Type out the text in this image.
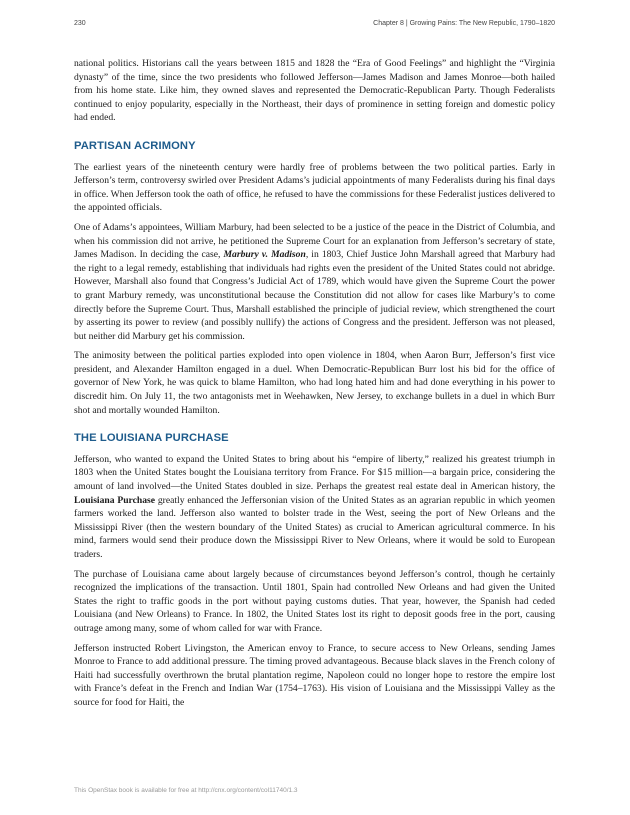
230	Chapter 8 | Growing Pains: The New Republic, 1790–1820

national politics. Historians call the years between 1815 and 1828 the “Era of Good Feelings” and highlight the “Virginia dynasty” of the time, since the two presidents who followed Jefferson—James Madison and James Monroe—both hailed from his home state. Like him, they owned slaves and represented the Democratic-Republican Party. Though Federalists continued to enjoy popularity, especially in the Northeast, their days of prominence in setting foreign and domestic policy had ended.

PARTISAN ACRIMONY

The earliest years of the nineteenth century were hardly free of problems between the two political parties. Early in Jefferson’s term, controversy swirled over President Adams’s judicial appointments of many Federalists during his final days in office. When Jefferson took the oath of office, he refused to have the commissions for these Federalist justices delivered to the appointed officials.

One of Adams’s appointees, William Marbury, had been selected to be a justice of the peace in the District of Columbia, and when his commission did not arrive, he petitioned the Supreme Court for an explanation from Jefferson’s secretary of state, James Madison. In deciding the case, Marbury v. Madison, in 1803, Chief Justice John Marshall agreed that Marbury had the right to a legal remedy, establishing that individuals had rights even the president of the United States could not abridge. However, Marshall also found that Congress’s Judicial Act of 1789, which would have given the Supreme Court the power to grant Marbury remedy, was unconstitutional because the Constitution did not allow for cases like Marbury’s to come directly before the Supreme Court. Thus, Marshall established the principle of judicial review, which strengthened the court by asserting its power to review (and possibly nullify) the actions of Congress and the president. Jefferson was not pleased, but neither did Marbury get his commission.

The animosity between the political parties exploded into open violence in 1804, when Aaron Burr, Jefferson’s first vice president, and Alexander Hamilton engaged in a duel. When Democratic-Republican Burr lost his bid for the office of governor of New York, he was quick to blame Hamilton, who had long hated him and had done everything in his power to discredit him. On July 11, the two antagonists met in Weehawken, New Jersey, to exchange bullets in a duel in which Burr shot and mortally wounded Hamilton.

THE LOUISIANA PURCHASE

Jefferson, who wanted to expand the United States to bring about his “empire of liberty,” realized his greatest triumph in 1803 when the United States bought the Louisiana territory from France. For $15 million—a bargain price, considering the amount of land involved—the United States doubled in size. Perhaps the greatest real estate deal in American history, the Louisiana Purchase greatly enhanced the Jeffersonian vision of the United States as an agrarian republic in which yeomen farmers worked the land. Jefferson also wanted to bolster trade in the West, seeing the port of New Orleans and the Mississippi River (then the western boundary of the United States) as crucial to American agricultural commerce. In his mind, farmers would send their produce down the Mississippi River to New Orleans, where it would be sold to European traders.

The purchase of Louisiana came about largely because of circumstances beyond Jefferson’s control, though he certainly recognized the implications of the transaction. Until 1801, Spain had controlled New Orleans and had given the United States the right to traffic goods in the port without paying customs duties. That year, however, the Spanish had ceded Louisiana (and New Orleans) to France. In 1802, the United States lost its right to deposit goods free in the port, causing outrage among many, some of whom called for war with France.

Jefferson instructed Robert Livingston, the American envoy to France, to secure access to New Orleans, sending James Monroe to France to add additional pressure. The timing proved advantageous. Because black slaves in the French colony of Haiti had successfully overthrown the brutal plantation regime, Napoleon could no longer hope to restore the empire lost with France’s defeat in the French and Indian War (1754–1763). His vision of Louisiana and the Mississippi Valley as the source for food for Haiti, the

This OpenStax book is available for free at http://cnx.org/content/col11740/1.3
